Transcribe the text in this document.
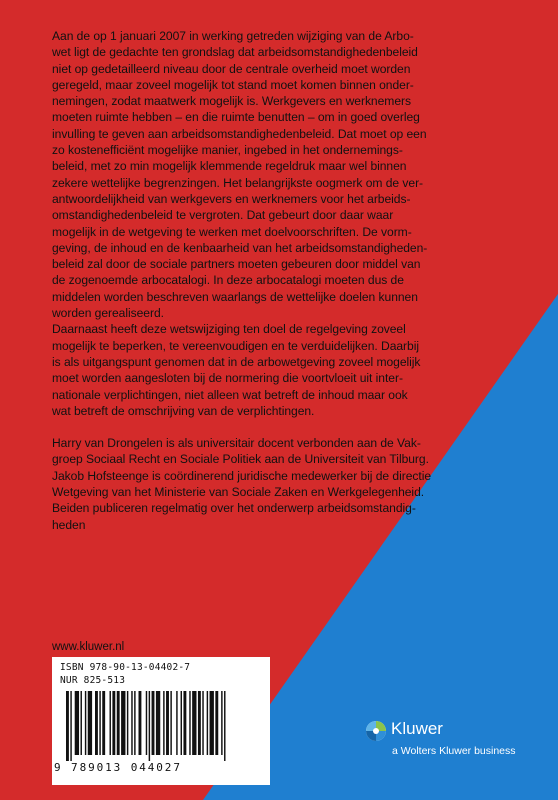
Aan de op 1 januari 2007 in werking getreden wijziging van de Arbo-
wet ligt de gedachte ten grondslag dat arbeidsomstandighedenbeleid
niet op gedetailleerd niveau door de centrale overheid moet worden
geregeld, maar zoveel mogelijk tot stand moet komen binnen onder-
nemingen, zodat maatwerk mogelijk is. Werkgevers en werknemers
moeten ruimte hebben – en die ruimte benutten – om in goed overleg
invulling te geven aan arbeidsomstandighedenbeleid. Dat moet op een
zo kostenefficiënt mogelijke manier, ingebed in het ondernemings-
beleid, met zo min mogelijk klemmende regeldruk maar wel binnen
zekere wettelijke begrenzingen. Het belangrijkste oogmerk om de ver-
antwoordelijkheid van werkgevers en werknemers voor het arbeids-
omstandighedenbeleid te vergroten. Dat gebeurt door daar waar
mogelijk in de wetgeving te werken met doelvoorschriften. De vorm-
geving, de inhoud en de kenbaarheid van het arbeidsomstandigheden-
beleid zal door de sociale partners moeten gebeuren door middel van
de zogenoemde arbocatalogi. In deze arbocatalogi moeten dus de
middelen worden beschreven waarlangs de wettelijke doelen kunnen
worden gerealiseerd.

Daarnaast heeft deze wetswijziging ten doel de regelgeving zoveel
mogelijk te beperken, te vereenvoudigen en te verduidelijken. Daarbij
is als uitgangspunt genomen dat in de arbowetgeving zoveel mogelijk
moet worden aangesloten bij de normering die voortvloeit uit inter-
nationale verplichtingen, niet alleen wat betreft de inhoud maar ook
wat betreft de omschrijving van de verplichtingen.

Harry van Drongelen is als universitair docent verbonden aan de Vak-
groep Sociaal Recht en Sociale Politiek aan de Universiteit van Tilburg.
Jakob Hofsteenge is coördinerend juridische medewerker bij de directie
Wetgeving van het Ministerie van Sociale Zaken en Werkgelegenheid.
Beiden publiceren regelmatig over het onderwerp arbeidsomstandig-
heden

www.kluwer.nl
ISBN 978-90-13-04402-7
NUR 825-513
9 789013 044027
Kluwer
a Wolters Kluwer business
